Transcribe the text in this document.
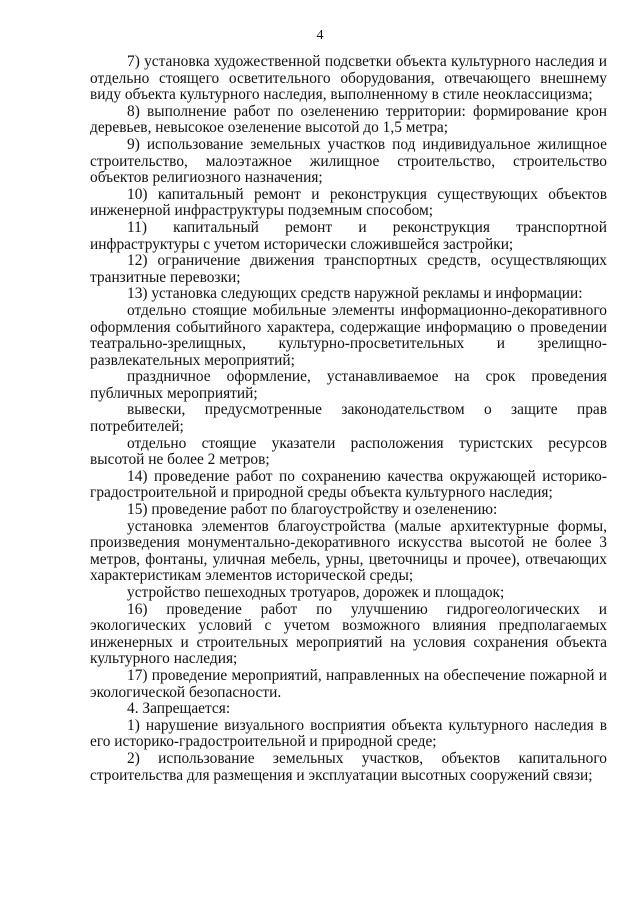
4

7) установка художественной подсветки объекта культурного наследия и отдельно стоящего осветительного оборудования, отвечающего внешнему виду объекта культурного наследия, выполненному в стиле неоклассицизма;

8) выполнение работ по озеленению территории: формирование крон деревьев, невысокое озеленение высотой до 1,5 метра;

9) использование земельных участков под индивидуальное жилищное строительство, малоэтажное жилищное строительство, строительство объектов религиозного назначения;

10) капитальный ремонт и реконструкция существующих объектов инженерной инфраструктуры подземным способом;

11) капитальный ремонт и реконструкция транспортной инфраструктуры с учетом исторически сложившейся застройки;

12) ограничение движения транспортных средств, осуществляющих транзитные перевозки;

13) установка следующих средств наружной рекламы и информации:

отдельно стоящие мобильные элементы информационно-декоративного оформления событийного характера, содержащие информацию о проведении театрально-зрелищных, культурно-просветительных и зрелищно-развлекательных мероприятий;

праздничное оформление, устанавливаемое на срок проведения публичных мероприятий;

вывески, предусмотренные законодательством о защите прав потребителей;

отдельно стоящие указатели расположения туристских ресурсов высотой не более 2 метров;

14) проведение работ по сохранению качества окружающей историко-градостроительной и природной среды объекта культурного наследия;

15) проведение работ по благоустройству и озеленению:

установка элементов благоустройства (малые архитектурные формы, произведения монументально-декоративного искусства высотой не более 3 метров, фонтаны, уличная мебель, урны, цветочницы и прочее), отвечающих характеристикам элементов исторической среды;

устройство пешеходных тротуаров, дорожек и площадок;

16) проведение работ по улучшению гидрогеологических и экологических условий с учетом возможного влияния предполагаемых инженерных и строительных мероприятий на условия сохранения объекта культурного наследия;

17) проведение мероприятий, направленных на обеспечение пожарной и экологической безопасности.

4. Запрещается:

1) нарушение визуального восприятия объекта культурного наследия в его историко-градостроительной и природной среде;

2) использование земельных участков, объектов капитального строительства для размещения и эксплуатации высотных сооружений связи;
